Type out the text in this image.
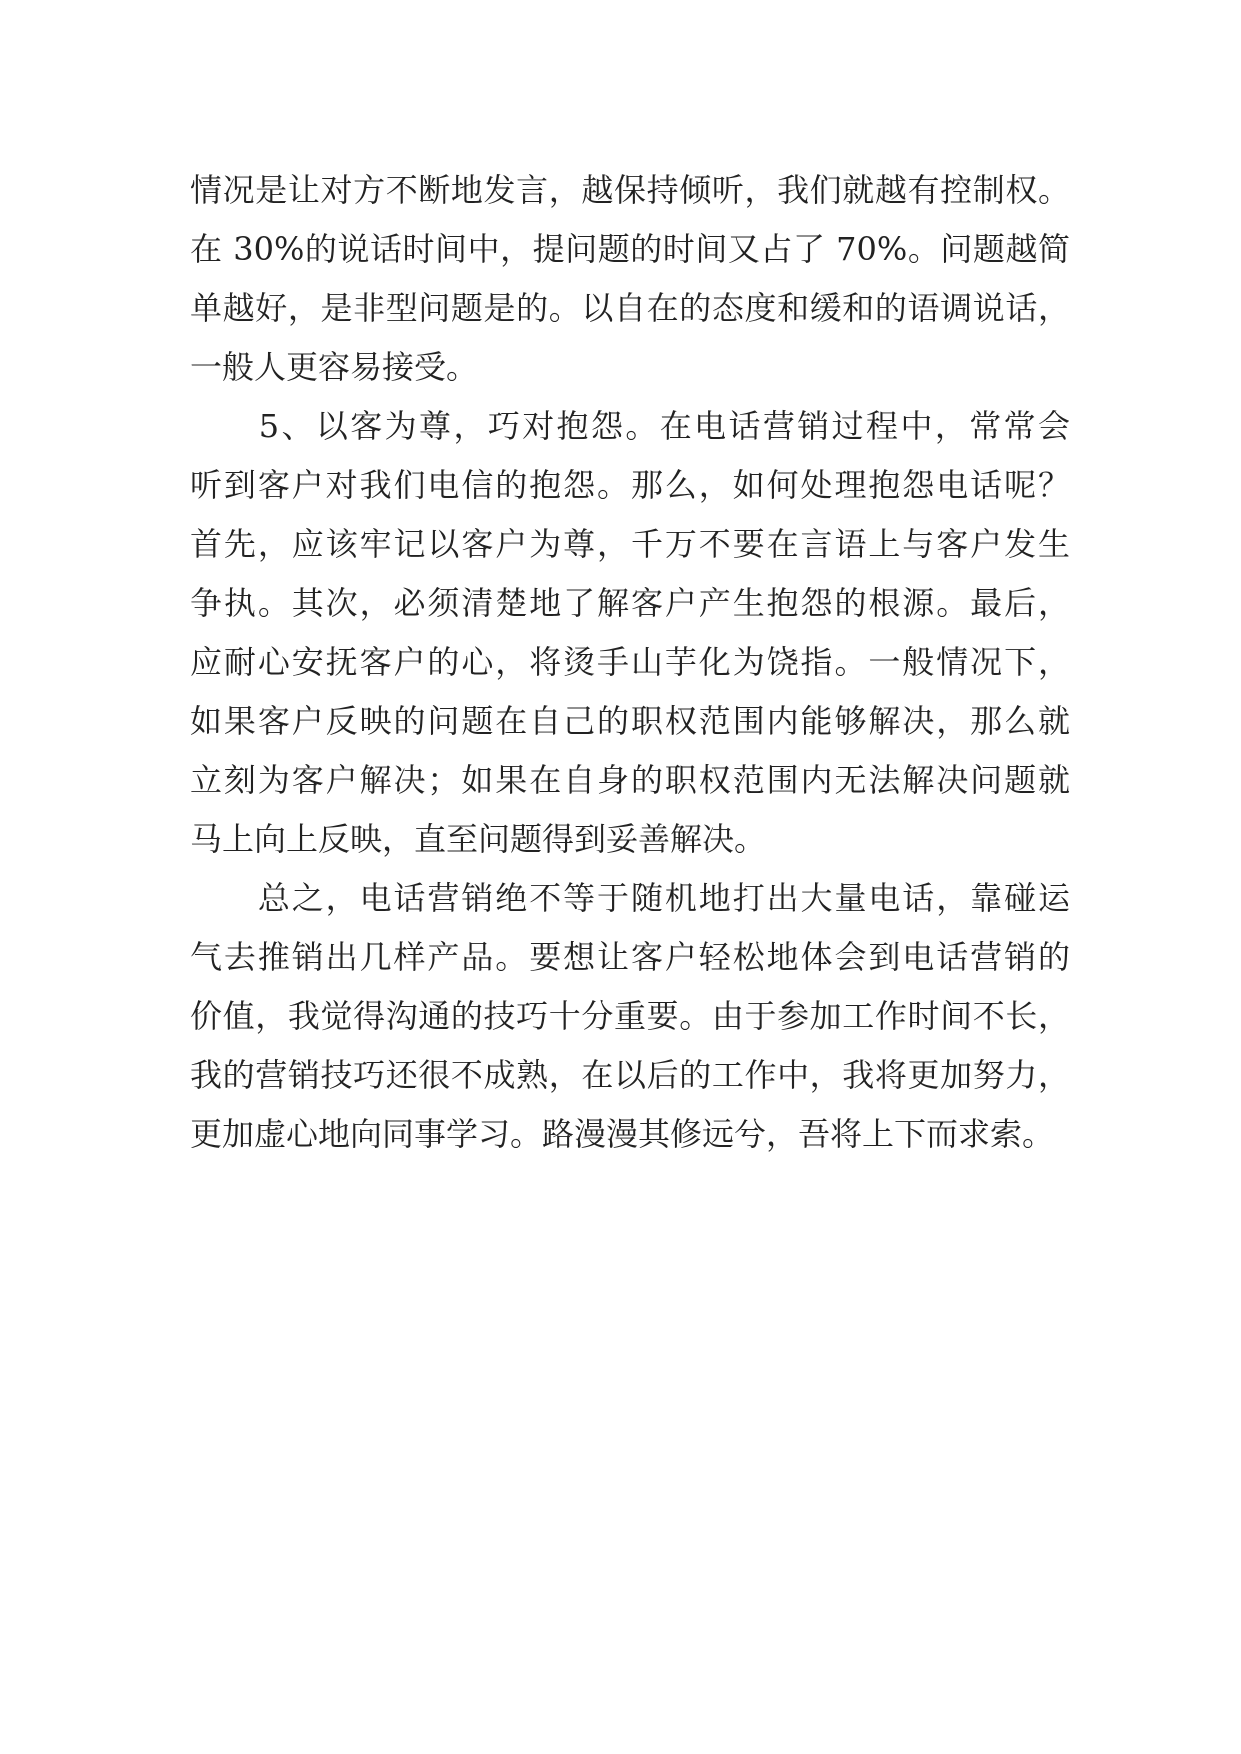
情况是让对方不断地发言，越保持倾听，我们就越有控制权。
在 30%的说话时间中，提问题的时间又占了 70%。问题越简
单越好，是非型问题是的。以自在的态度和缓和的语调说话，
一般人更容易接受。
　　5、以客为尊，巧对抱怨。在电话营销过程中，常常会
听到客户对我们电信的抱怨。那么，如何处理抱怨电话呢？
首先，应该牢记以客户为尊，千万不要在言语上与客户发生
争执。其次，必须清楚地了解客户产生抱怨的根源。最后，
应耐心安抚客户的心，将烫手山芋化为饶指。一般情况下，
如果客户反映的问题在自己的职权范围内能够解决，那么就
立刻为客户解决；如果在自身的职权范围内无法解决问题就
马上向上反映，直至问题得到妥善解决。
　　总之，电话营销绝不等于随机地打出大量电话，靠碰运
气去推销出几样产品。要想让客户轻松地体会到电话营销的
价值，我觉得沟通的技巧十分重要。由于参加工作时间不长，
我的营销技巧还很不成熟，在以后的工作中，我将更加努力，
更加虚心地向同事学习。路漫漫其修远兮，吾将上下而求索。
